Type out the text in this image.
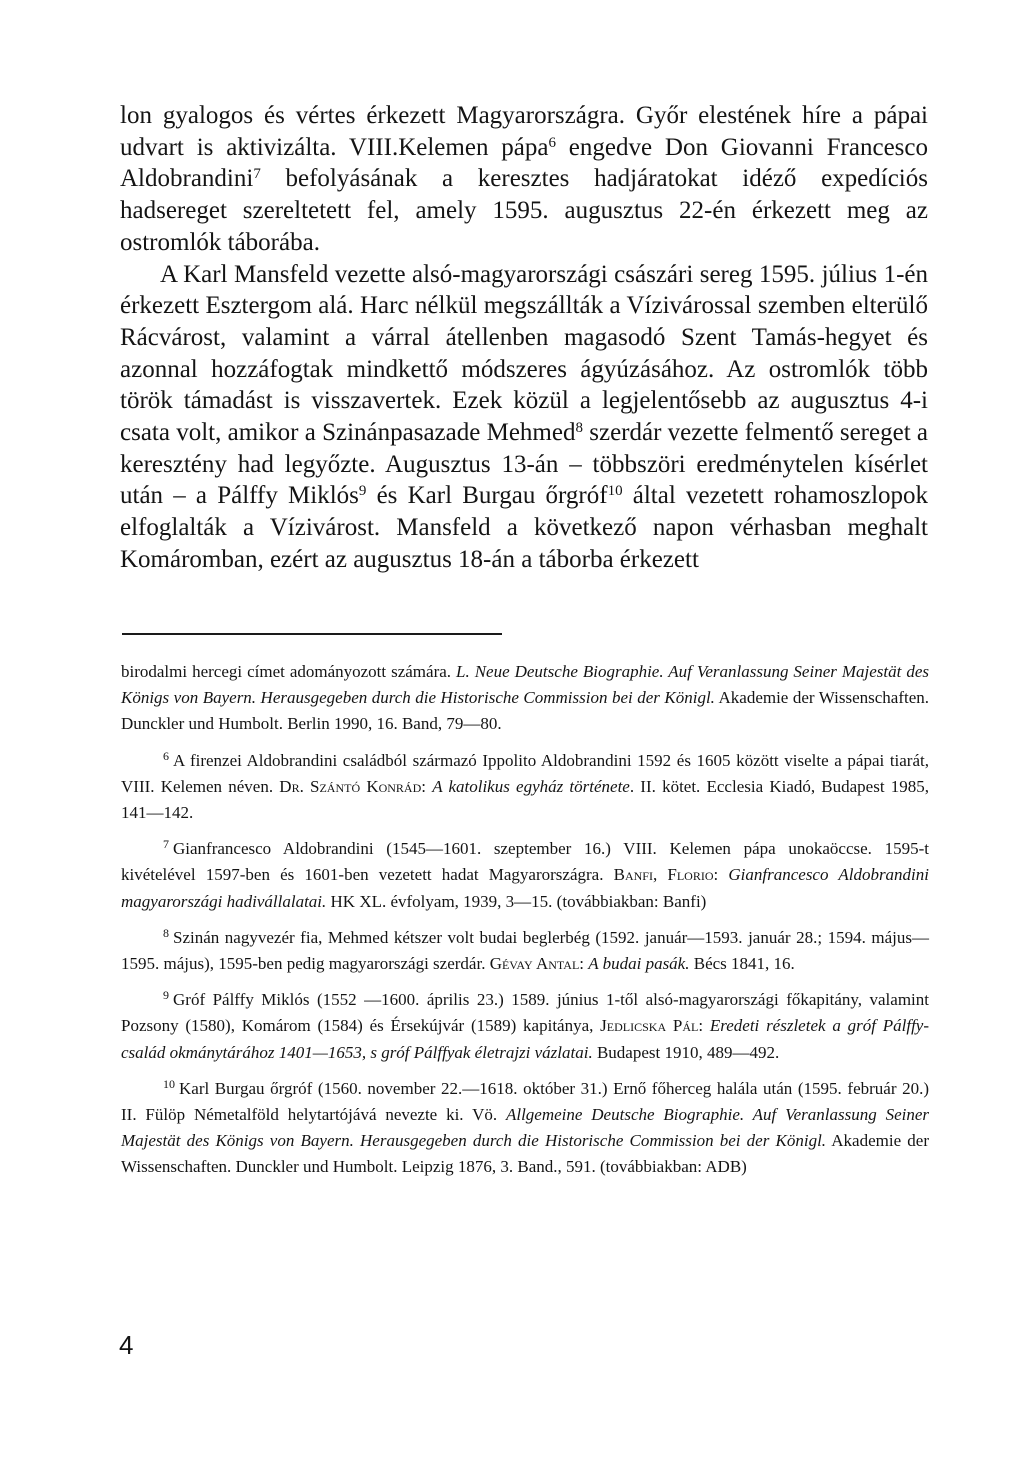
lon gyalogos és vértes érkezett Magyarországra. Győr elestének híre a pápai udvart is aktivizálta. VIII.Kelemen pápa$^6$ engedve Don Giovanni Francesco Aldobrandini$^7$ befolyásának a keresztes hadjáratokat idéző expedíciós hadsereget szereltetett fel, amely 1595. augusztus 22-én érkezett meg az ostromlók táborába.

A Karl Mansfeld vezette alsó-magyarországi császári sereg 1595. július 1-én érkezett Esztergom alá. Harc nélkül megszállták a Vízivárossal szemben elterülő Rácvárost, valamint a várral átellenben magasodó Szent Tamás-hegyet és azonnal hozzáfogtak mindkettő módszeres ágyúzásához. Az ostromlók több török támadást is visszavertek. Ezek közül a legjelentősebb az augusztus 4-i csata volt, amikor a Szinánpasazade Mehmed$^8$ szerdár vezette felmentő sereget a keresztény had legyőzte. Augusztus 13-án – többszöri eredménytelen kísérlet után – a Pálffy Miklós$^9$ és Karl Burgau őrgróf$^{10}$ által vezetett rohamoszlopok elfoglalták a Vízivárost. Mansfeld a következő napon vérhasban meghalt Komáromban, ezért az augusztus 18-án a táborba érkezett

birodalmi hercegi címet adományozott számára. L. Neue Deutsche Biographie. Auf Veranlassung Seiner Majestät des Königs von Bayern. Herausgegeben durch die Historische Commission bei der Königl. Akademie der Wissenschaften. Dunckler und Humbolt. Berlin 1990, 16. Band, 79—80.

$^6$ A firenzei Aldobrandini családból származó Ippolito Aldobrandini 1592 és 1605 között viselte a pápai tiarát, VIII. Kelemen néven. Dr. Szántó Konrád: A katolikus egyház története. II. kötet. Ecclesia Kiadó, Budapest 1985, 141—142.

$^7$ Gianfrancesco Aldobrandini (1545—1601. szeptember 16.) VIII. Kelemen pápa unokaöccse. 1595-t kivételével 1597-ben és 1601-ben vezetett hadat Magyarországra. Banfi, Florio: Gianfrancesco Aldobrandini magyarországi hadivállalatai. HK XL. évfolyam, 1939, 3—15. (továbbiakban: Banfi)

$^8$ Szinán nagyvezér fia, Mehmed kétszer volt budai beglerbég (1592. január—1593. január 28.; 1594. május—1595. május), 1595-ben pedig magyarországi szerdár. Gévay Antal: A budai pasák. Bécs 1841, 16.

$^9$ Gróf Pálffy Miklós (1552 —1600. április 23.) 1589. június 1-től alsó-magyarországi főkapitány, valamint Pozsony (1580), Komárom (1584) és Érsekújvár (1589) kapitánya, Jedlicska Pál: Eredeti részletek a gróf Pálffy-család okmánytárához 1401—1653, s gróf Pálffyak életrajzi vázlatai. Budapest 1910, 489—492.

$^{10}$ Karl Burgau őrgróf (1560. november 22.—1618. október 31.) Ernő főherceg halála után (1595. február 20.) II. Fülöp Németalföld helytartójává nevezte ki. Vö. Allgemeine Deutsche Biographie. Auf Veranlassung Seiner Majestät des Königs von Bayern. Herausgegeben durch die Historische Commission bei der Königl. Akademie der Wissenschaften. Dunckler und Humbolt. Leipzig 1876, 3. Band., 591. (továbbiakban: ADB)

4
